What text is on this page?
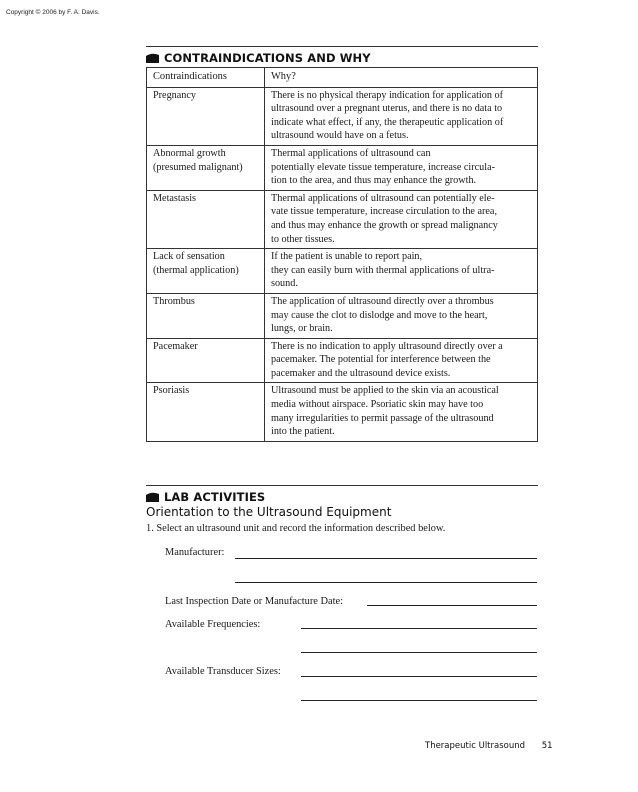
Copyright © 2006 by F. A. Davis.
CONTRAINDICATIONS AND WHY
Contraindications	Why?

Pregnancy	There is no physical therapy indication for application of
ultrasound over a pregnant uterus, and there is no data to
indicate what effect, if any, the therapeutic application of
ultrasound would have on a fetus.

Abnormal growth
(presumed malignant)	Thermal applications of ultrasound can
potentially elevate tissue temperature, increase circula-
tion to the area, and thus may enhance the growth.

Metastasis	Thermal applications of ultrasound can potentially ele-
vate tissue temperature, increase circulation to the area,
and thus may enhance the growth or spread malignancy
to other tissues.

Lack of sensation
(thermal application)	If the patient is unable to report pain,
they can easily burn with thermal applications of ultra-
sound.

Thrombus	The application of ultrasound directly over a thrombus
may cause the clot to dislodge and move to the heart,
lungs, or brain.

Pacemaker	There is no indication to apply ultrasound directly over a
pacemaker. The potential for interference between the
pacemaker and the ultrasound device exists.

Psoriasis	Ultrasound must be applied to the skin via an acoustical
media without airspace. Psoriatic skin may have too
many irregularities to permit passage of the ultrasound
into the patient.
LAB ACTIVITIES
Orientation to the Ultrasound Equipment
1. Select an ultrasound unit and record the information described below.
Manufacturer:
Last Inspection Date or Manufacture Date:
Available Frequencies:
Available Transducer Sizes:
Therapeutic Ultrasound 51
